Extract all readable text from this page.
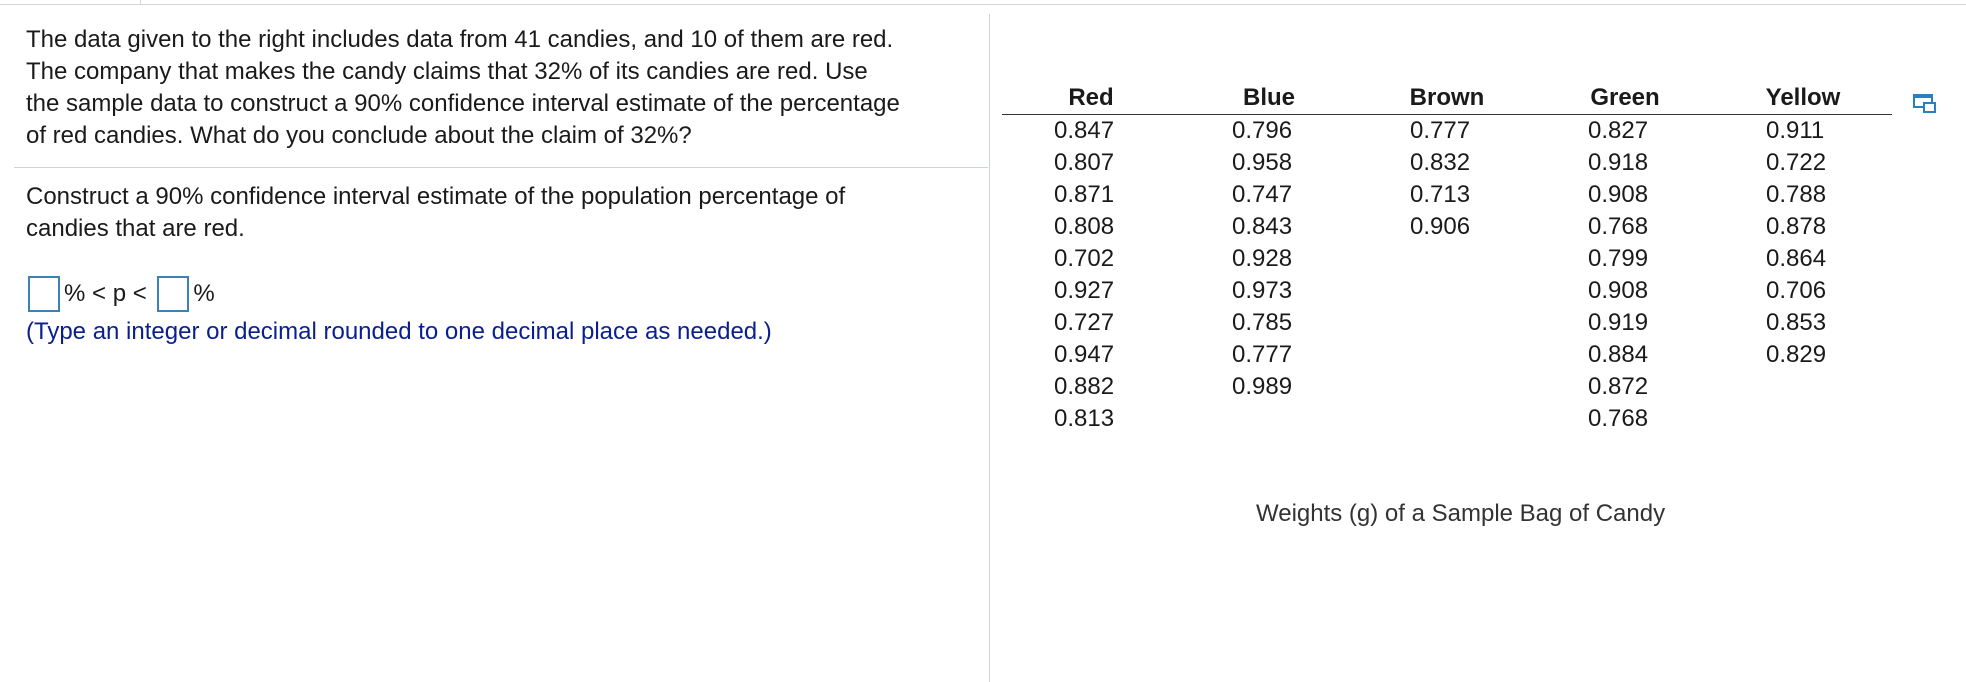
The data given to the right includes data from 41 candies, and 10 of them are red.
The company that makes the candy claims that 32% of its candies are red. Use
the sample data to construct a 90% confidence interval estimate of the percentage
of red candies. What do you conclude about the claim of 32%?
Construct a 90% confidence interval estimate of the population percentage of
candies that are red.
% < p < %
(Type an integer or decimal rounded to one decimal place as needed.)
Red	Blue	Brown	Green	Yellow
0.847	0.796	0.777	0.827	0.911
0.807	0.958	0.832	0.918	0.722
0.871	0.747	0.713	0.908	0.788
0.808	0.843	0.906	0.768	0.878
0.702	0.928		0.799	0.864
0.927	0.973		0.908	0.706
0.727	0.785		0.919	0.853
0.947	0.777		0.884	0.829
0.882	0.989		0.872	
0.813			0.768	
Weights (g) of a Sample Bag of Candy
